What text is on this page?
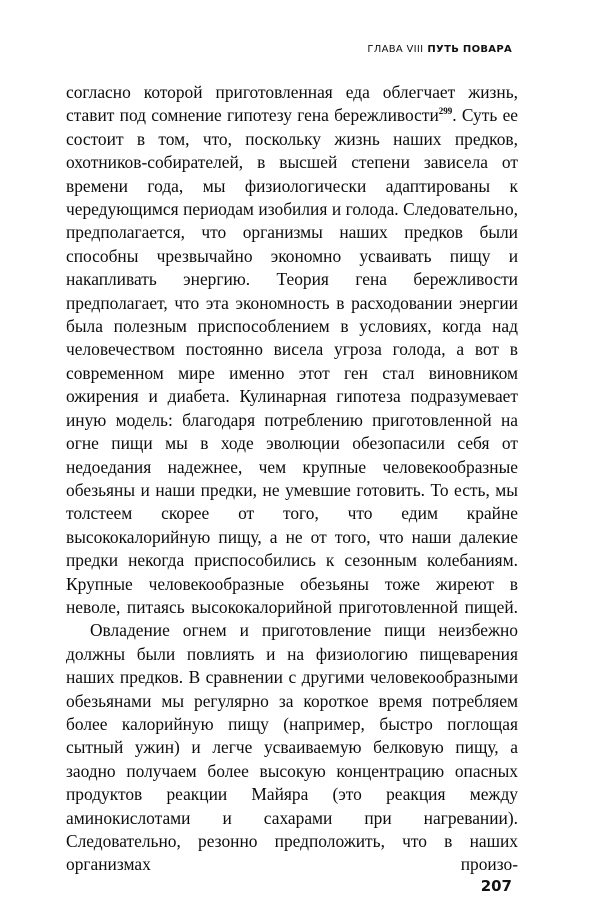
ГЛАВА VIII ПУТЬ ПОВАРА

согласно которой приготовленная еда облегчает жизнь, ставит под сомнение гипотезу гена бережливости$^{299}$. Суть ее состоит в том, что, поскольку жизнь наших предков, охотников-собирателей, в высшей степени зависела от времени года, мы физиологически адаптированы к чередующимся периодам изобилия и голода. Следовательно, предполагается, что организмы наших предков были способны чрезвычайно экономно усваивать пищу и накапливать энергию. Теория гена бережливости предполагает, что эта экономность в расходовании энергии была полезным приспособлением в условиях, когда над человечеством постоянно висела угроза голода, а вот в современном мире именно этот ген стал виновником ожирения и диабета. Кулинарная гипотеза подразумевает иную модель: благодаря потреблению приготовленной на огне пищи мы в ходе эволюции обезопасили себя от недоедания надежнее, чем крупные человекообразные обезьяны и наши предки, не умевшие готовить. То есть, мы толстеем скорее от того, что едим крайне высококалорийную пищу, а не от того, что наши далекие предки некогда приспособились к сезонным колебаниям. Крупные человекообразные обезьяны тоже жиреют в неволе, питаясь высококалорийной приготовленной пищей.

Овладение огнем и приготовление пищи неизбежно должны были повлиять и на физиологию пищеварения наших предков. В сравнении с другими человекообразными обезьянами мы регулярно за короткое время потребляем более калорийную пищу (например, быстро поглощая сытный ужин) и легче усваиваемую белковую пищу, а заодно получаем более высокую концентрацию опасных продуктов реакции Майяра (это реакция между аминокислотами и сахарами при нагревании). Следовательно, резонно предположить, что в наших организмах произо-

207
